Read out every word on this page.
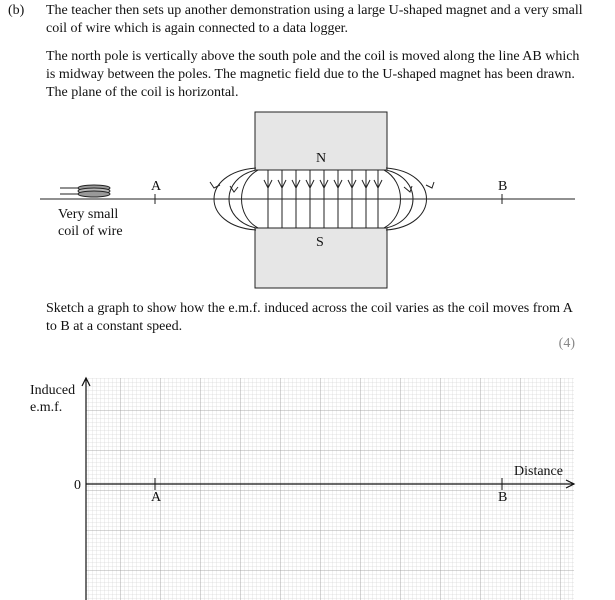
(b) The teacher then sets up another demonstration using a large U-shaped magnet and a very small coil of wire which is again connected to a data logger.

The north pole is vertically above the south pole and the coil is moved along the line AB which is midway between the poles. The magnetic field due to the U-shaped magnet has been drawn. The plane of the coil is horizontal.

N
S
A	B
Very small
coil of wire

Sketch a graph to show how the e.m.f. induced across the coil varies as the coil moves from A to B at a constant speed.

(4)
Induced
e.m.f.
0
Distance
A	B
